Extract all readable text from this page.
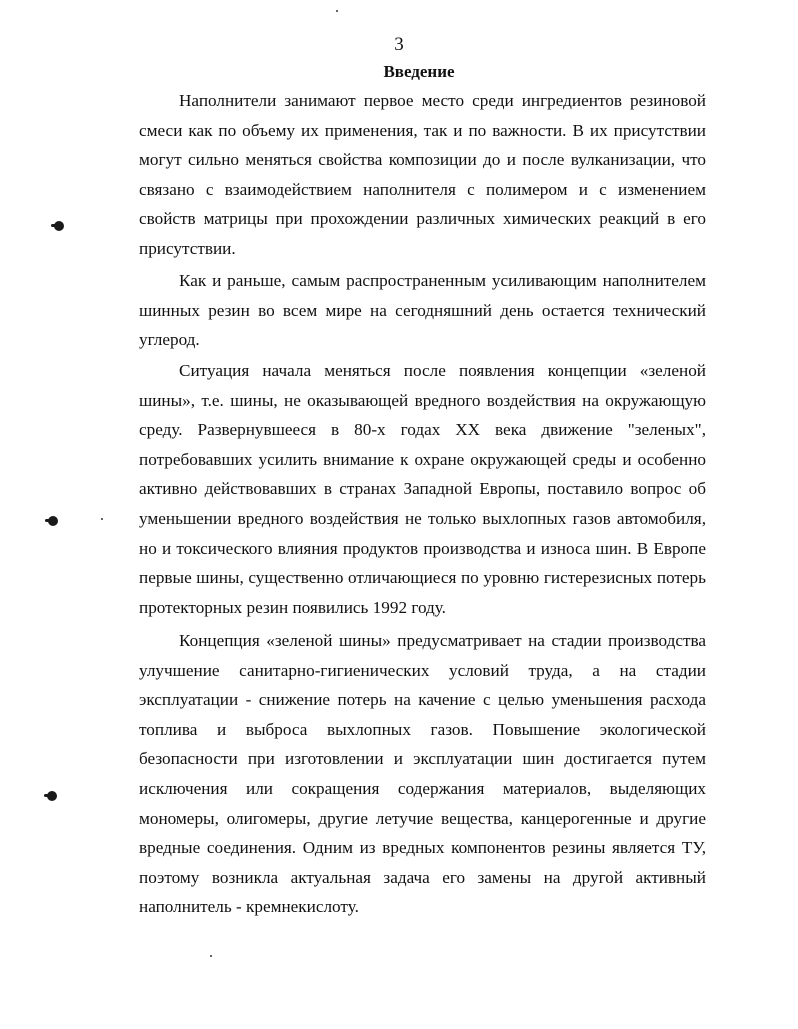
3
Введение

Наполнители занимают первое место среди ингредиентов резиновой смеси как по объему их применения, так и по важности. В их присутствии могут сильно меняться свойства композиции до и после вулканизации, что связано с взаимодействием наполнителя с полимером и с изменением свойств матрицы при прохождении различных химических реакций в его присутствии.

Как и раньше, самым распространенным усиливающим наполнителем шинных резин во всем мире на сегодняшний день остается технический углерод.

Ситуация начала меняться после появления концепции «зеленой шины», т.е. шины, не оказывающей вредного воздействия на окружающую среду. Развернувшееся в 80-х годах XX века движение "зеленых", потребовавших усилить внимание к охране окружающей среды и особенно активно действовавших в странах Западной Европы, поставило вопрос об уменьшении вредного воздействия не только выхлопных газов автомобиля, но и токсического влияния продуктов производства и износа шин. В Европе первые шины, существенно отличающиеся по уровню гистерезисных потерь протекторных резин появились 1992 году.

Концепция «зеленой шины» предусматривает на стадии производства улучшение санитарно-гигиенических условий труда, а на стадии эксплуатации - снижение потерь на качение с целью уменьшения расхода топлива и выброса выхлопных газов. Повышение экологической безопасности при изготовлении и эксплуатации шин достигается путем исключения или сокращения содержания материалов, выделяющих мономеры, олигомеры, другие летучие вещества, канцерогенные и другие вредные соединения. Одним из вредных компонентов резины является ТУ, поэтому возникла актуальная задача его замены на другой активный наполнитель - кремнекислоту.
